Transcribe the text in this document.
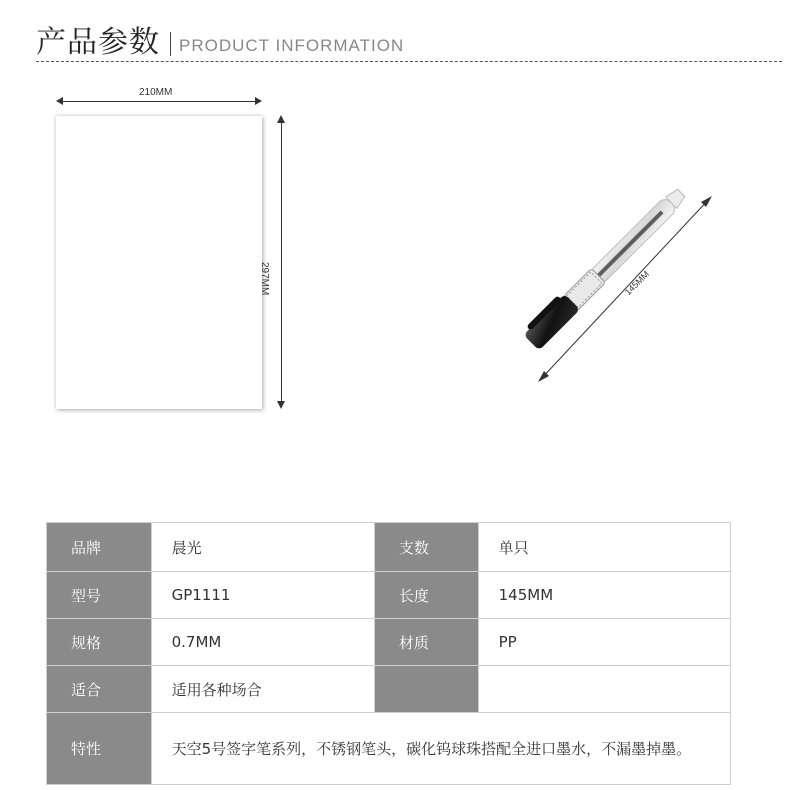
产品参数 PRODUCT INFORMATION
210MM
297MM	145MM
品牌	晨光	支数	单只
型号	GP1111	长度	145MM
规格	0.7MM	材质	PP
适合	适用各种场合		
特性	天空5号签字笔系列，不锈钢笔头，碳化钨球珠搭配全进口墨水，不漏墨掉墨。		
